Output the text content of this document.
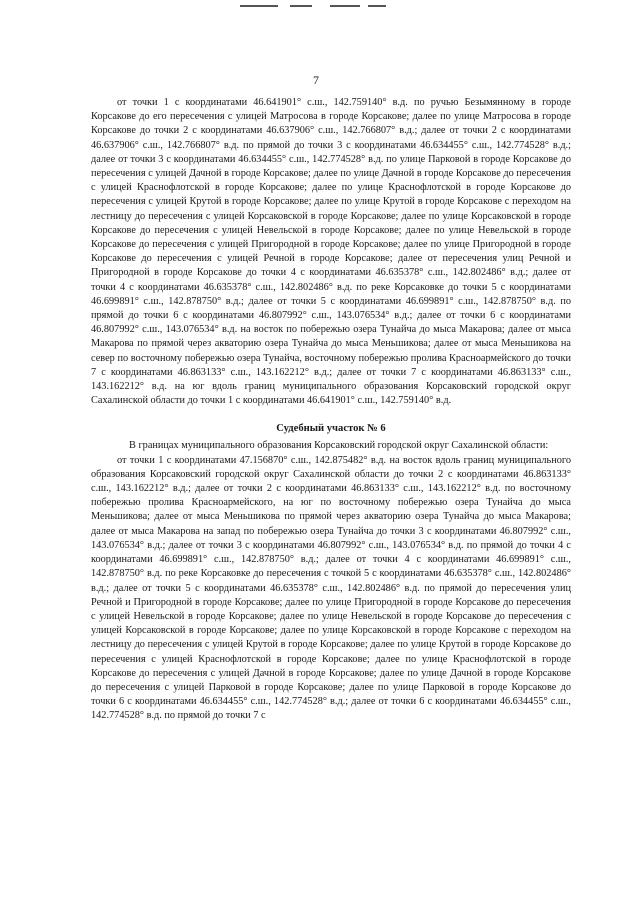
7

от точки 1 с координатами 46.641901° с.ш., 142.759140° в.д. по ручью Безымянному в городе Корсакове до его пересечения с улицей Матросова в городе Корсакове; далее по улице Матросова в городе Корсакове до точки 2 с координатами 46.637906° с.ш., 142.766807° в.д.; далее от точки 2 с координатами 46.637906° с.ш., 142.766807° в.д. по прямой до точки 3 с координатами 46.634455° с.ш., 142.774528° в.д.; далее от точки 3 с координатами 46.634455° с.ш., 142.774528° в.д. по улице Парковой в городе Корсакове до пересечения с улицей Дачной в городе Корсакове; далее по улице Дачной в городе Корсакове до пересечения с улицей Краснофлотской в городе Корсакове; далее по улице Краснофлотской в городе Корсакове до пересечения с улицей Крутой в городе Корсакове; далее по улице Крутой в городе Корсакове с переходом на лестницу до пересечения с улицей Корсаковской в городе Корсакове; далее по улице Корсаковской в городе Корсакове до пересечения с улицей Невельской в городе Корсакове; далее по улице Невельской в городе Корсакове до пересечения с улицей Пригородной в городе Корсакове; далее по улице Пригородной в городе Корсакове до пересечения с улицей Речной в городе Корсакове; далее от пересечения улиц Речной и Пригородной в городе Корсакове до точки 4 с координатами 46.635378° с.ш., 142.802486° в.д.; далее от точки 4 с координатами 46.635378° с.ш., 142.802486° в.д. по реке Корсаковке до точки 5 с координатами 46.699891° с.ш., 142.878750° в.д.; далее от точки 5 с координатами 46.699891° с.ш., 142.878750° в.д. по прямой до точки 6 с координатами 46.807992° с.ш., 143.076534° в.д.; далее от точки 6 с координатами 46.807992° с.ш., 143.076534° в.д. на восток по побережью озера Тунайча до мыса Макарова; далее от мыса Макарова по прямой через акваторию озера Тунайча до мыса Меньшикова; далее от мыса Меньшикова на север по восточному побережью озера Тунайча, восточному побережью пролива Красноармейского до точки 7 с координатами 46.863133° с.ш., 143.162212° в.д.; далее от точки 7 с координатами 46.863133° с.ш., 143.162212° в.д. на юг вдоль границ муниципального образования Корсаковский городской округ Сахалинской области до точки 1 с координатами 46.641901° с.ш., 142.759140° в.д.

Судебный участок № 6

В границах муниципального образования Корсаковский городской округ Сахалинской области:

от точки 1 с координатами 47.156870° с.ш., 142.875482° в.д. на восток вдоль границ муниципального образования Корсаковский городской округ Сахалинской области до точки 2 с координатами 46.863133° с.ш., 143.162212° в.д.; далее от точки 2 с координатами 46.863133° с.ш., 143.162212° в.д. по восточному побережью пролива Красноармейского, на юг по восточному побережью озера Тунайча до мыса Меньшикова; далее от мыса Меньшикова по прямой через акваторию озера Тунайча до мыса Макарова; далее от мыса Макарова на запад по побережью озера Тунайча до точки 3 с координатами 46.807992° с.ш., 143.076534° в.д.; далее от точки 3 с координатами 46.807992° с.ш., 143.076534° в.д. по прямой до точки 4 с координатами 46.699891° с.ш., 142.878750° в.д.; далее от точки 4 с координатами 46.699891° с.ш., 142.878750° в.д. по реке Корсаковке до пересечения с точкой 5 с координатами 46.635378° с.ш., 142.802486° в.д.; далее от точки 5 с координатами 46.635378° с.ш., 142.802486° в.д. по прямой до пересечения улиц Речной и Пригородной в городе Корсакове; далее по улице Пригородной в городе Корсакове до пересечения с улицей Невельской в городе Корсакове; далее по улице Невельской в городе Корсакове до пересечения с улицей Корсаковской в городе Корсакове; далее по улице Корсаковской в городе Корсакове с переходом на лестницу до пересечения с улицей Крутой в городе Корсакове; далее по улице Крутой в городе Корсакове до пересечения с улицей Краснофлотской в городе Корсакове; далее по улице Краснофлотской в городе Корсакове до пересечения с улицей Дачной в городе Корсакове; далее по улице Дачной в городе Корсакове до пересечения с улицей Парковой в городе Корсакове; далее по улице Парковой в городе Корсакове до точки 6 с координатами 46.634455° с.ш., 142.774528° в.д.; далее от точки 6 с координатами 46.634455° с.ш., 142.774528° в.д. по прямой до точки 7 с
